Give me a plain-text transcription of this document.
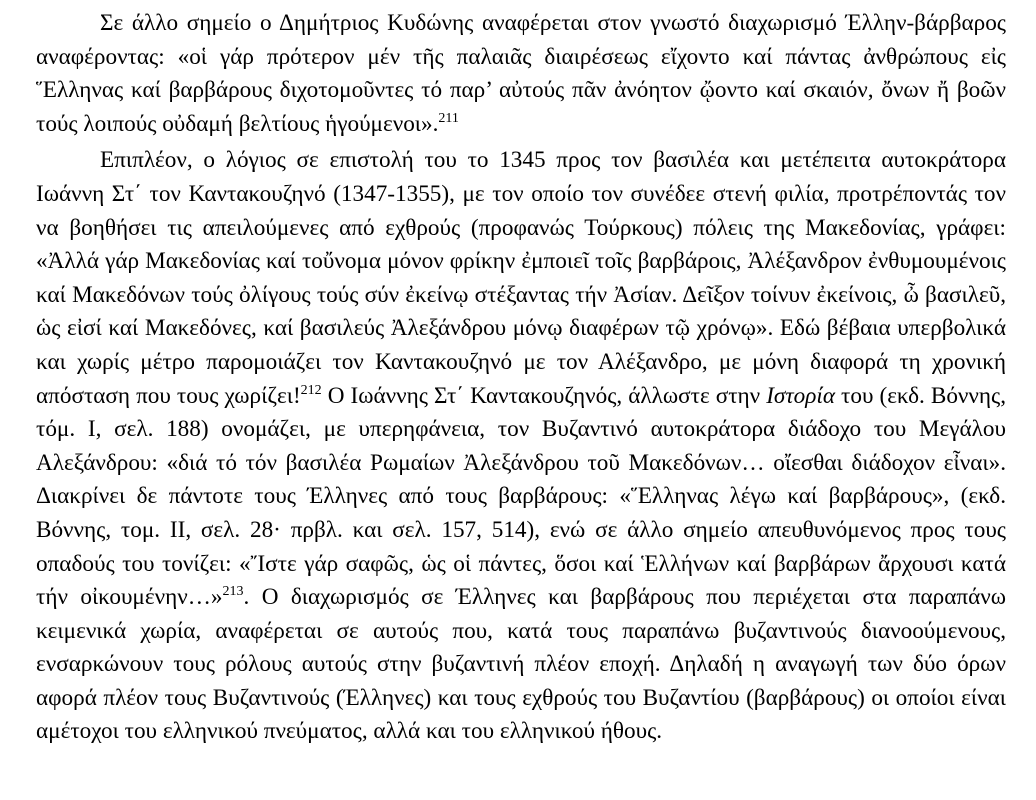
Σε άλλο σημείο ο Δημήτριος Κυδώνης αναφέρεται στον γνωστό διαχωρισμό Έλλην-βάρβαρος αναφέροντας: «οἱ γάρ πρότερον μέν τῆς παλαιᾶς διαιρέσεως εἴχοντο καί πάντας ἀνθρώπους εἰς Ἕλληνας καί βαρβάρους διχοτομοῦντες τό παρ’ αὐτούς πᾶν ἀνόητον ᾤοντο καί σκαιόν, ὄνων ἤ βοῶν τούς λοιπούς οὐδαμή βελτίους ἡγούμενοι».$^{211}$

Επιπλέον, ο λόγιος σε επιστολή του το 1345 προς τον βασιλέα και μετέπειτα αυτοκράτορα Ιωάννη Στ΄ τον Καντακουζηνό (1347-1355), με τον οποίο τον συνέδεε στενή φιλία, προτρέποντάς τον να βοηθήσει τις απειλούμενες από εχθρούς (προφανώς Τούρκους) πόλεις της Μακεδονίας, γράφει: «Ἀλλά γάρ Μακεδονίας καί τοὔνομα μόνον φρίκην ἐμποιεῖ τοῖς βαρβάροις, Ἀλέξανδρον ἐνθυμουμένοις καί Μακεδόνων τούς ὀλίγους τούς σύν ἐκείνῳ στέξαντας τήν Ἀσίαν. Δεῖξον τοίνυν ἐκείνοις, ὦ βασιλεῦ, ὡς εἰσί καί Μακεδόνες, καί βασιλεύς Ἀλεξάνδρου μόνῳ διαφέρων τῷ χρόνῳ». Εδώ βέβαια υπερβολικά και χωρίς μέτρο παρομοιάζει τον Καντακουζηνό με τον Αλέξανδρο, με μόνη διαφορά τη χρονική απόσταση που τους χωρίζει!$^{212}$ Ο Ιωάννης Στ΄ Καντακουζηνός, άλλωστε στην Ιστορία του (εκδ. Βόννης, τόμ. Ι, σελ. 188) ονομάζει, με υπερηφάνεια, τον Βυζαντινό αυτοκράτορα διάδοχο του Μεγάλου Αλεξάνδρου: «διά τό τόν βασιλέα Ρωμαίων Ἀλεξάνδρου τοῦ Μακεδόνων… οἴεσθαι διάδοχον εἶναι». Διακρίνει δε πάντοτε τους Έλληνες από τους βαρβάρους: «Ἕλληνας λέγω καί βαρβάρους», (εκδ. Βόννης, τομ. ΙΙ, σελ. 28· πρβλ. και σελ. 157, 514), ενώ σε άλλο σημείο απευθυνόμενος προς τους οπαδούς του τονίζει: «Ἴστε γάρ σαφῶς, ὡς οἱ πάντες, ὅσοι καί Ἑλλήνων καί βαρβάρων ἄρχουσι κατά τήν οἰκουμένην…»$^{213}$. Ο διαχωρισμός σε Έλληνες και βαρβάρους που περιέχεται στα παραπάνω κειμενικά χωρία, αναφέρεται σε αυτούς που, κατά τους παραπάνω βυζαντινούς διανοούμενους, ενσαρκώνουν τους ρόλους αυτούς στην βυζαντινή πλέον εποχή. Δηλαδή η αναγωγή των δύο όρων αφορά πλέον τους Βυζαντινούς (Έλληνες) και τους εχθρούς του Βυζαντίου (βαρβάρους) οι οποίοι είναι αμέτοχοι του ελληνικού πνεύματος, αλλά και του ελληνικού ήθους.
